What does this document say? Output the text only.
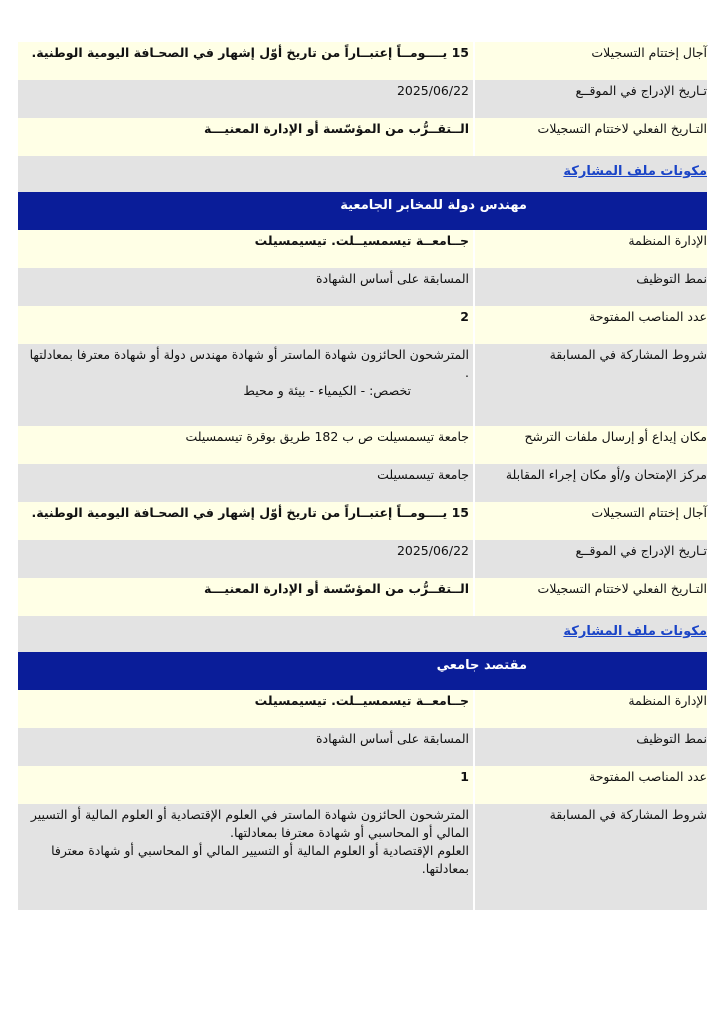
آجال إختتام التسجيلات
15 يــــومــاً إعتبــاراً من تاريخ أوّل إشهار في الصحـافة اليومية الوطنية.
تـاريخ الإدراج في الموقــع
2025/06/22
التـاريخ الفعلي لاختتام التسجيلات
الــتقــرُّب من المؤسّسة أو الإدارة المعنيـــة
مكونات ملف المشاركة
مهندس دولة للمخابر الجامعية
الإدارة المنظمة
جــامعــة تيسمسيــلت. تيسيمسيلت
نمط التوظيف
المسابقة على أساس الشهادة
عدد المناصب المفتوحة
2
شروط المشاركة في المسابقة
المترشحون الحائزون شهادة الماستر أو شهادة مهندس دولة أو شهادة معترفا بمعادلتها .
تخصص: - الكيمياء - بيئة و محيط
مكان إيداع أو إرسال ملفات الترشح
جامعة تيسمسيلت ص ب 182 طريق بوقرة تيسمسيلت
مركز الإمتحان و/أو مكان إجراء المقابلة
جامعة تيسمسيلت
آجال إختتام التسجيلات
15 يــــومــاً إعتبــاراً من تاريخ أوّل إشهار في الصحـافة اليومية الوطنية.
تـاريخ الإدراج في الموقــع
2025/06/22
التـاريخ الفعلي لاختتام التسجيلات
الــتقــرُّب من المؤسّسة أو الإدارة المعنيـــة
مكونات ملف المشاركة
مقتصد جامعي
الإدارة المنظمة
جــامعــة تيسمسيــلت. تيسيمسيلت
نمط التوظيف
المسابقة على أساس الشهادة
عدد المناصب المفتوحة
1
شروط المشاركة في المسابقة
المترشحون الحائزون شهادة الماستر في العلوم الإقتصادية أو العلوم المالية أو التسيير المالي أو المحاسبي أو شهادة معترفا بمعادلتها.
العلوم الإقتصادية أو العلوم المالية أو التسيير المالي أو المحاسبي أو شهادة معترفا بمعادلتها.
